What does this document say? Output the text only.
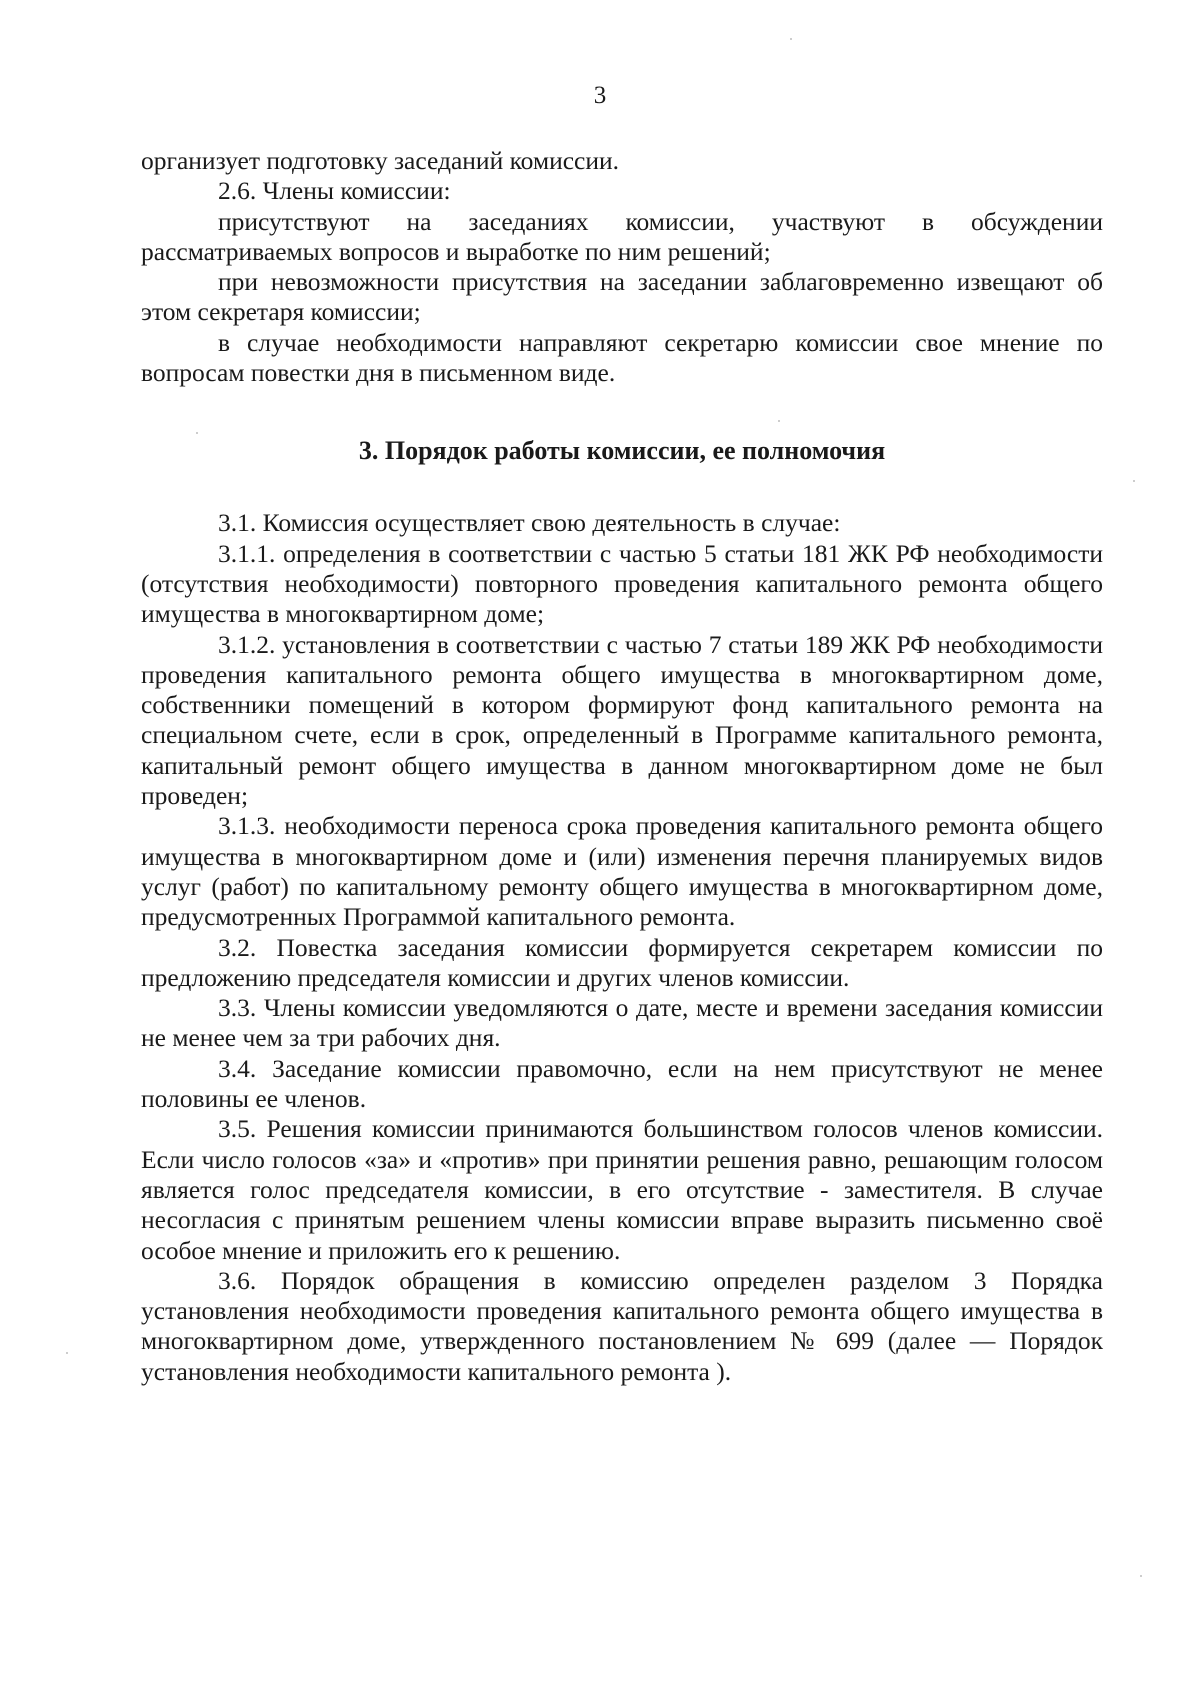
3

организует подготовку заседаний комиссии.

2.6. Члены комиссии:

присутствуют на заседаниях комиссии, участвуют в обсуждении рассматриваемых вопросов и выработке по ним решений;

при невозможности присутствия на заседании заблаговременно извещают об этом секретаря комиссии;

в случае необходимости направляют секретарю комиссии свое мнение по вопросам повестки дня в письменном виде.

3. Порядок работы комиссии, ее полномочия

3.1. Комиссия осуществляет свою деятельность в случае:

3.1.1. определения в соответствии с частью 5 статьи 181 ЖК РФ необходимости (отсутствия необходимости) повторного проведения капитального ремонта общего имущества в многоквартирном доме;

3.1.2. установления в соответствии с частью 7 статьи 189 ЖК РФ необходимости проведения капитального ремонта общего имущества в многоквартирном доме, собственники помещений в котором формируют фонд капитального ремонта на специальном счете, если в срок, определенный в Программе капитального ремонта, капитальный ремонт общего имущества в данном многоквартирном доме не был проведен;

3.1.3. необходимости переноса срока проведения капитального ремонта общего имущества в многоквартирном доме и (или) изменения перечня планируемых видов услуг (работ) по капитальному ремонту общего имущества в многоквартирном доме, предусмотренных Программой капитального ремонта.

3.2. Повестка заседания комиссии формируется секретарем комиссии по предложению председателя комиссии и других членов комиссии.

3.3. Члены комиссии уведомляются о дате, месте и времени заседания комиссии не менее чем за три рабочих дня.

3.4. Заседание комиссии правомочно, если на нем присутствуют не менее половины ее членов.

3.5. Решения комиссии принимаются большинством голосов членов комиссии. Если число голосов «за» и «против» при принятии решения равно, решающим голосом является голос председателя комиссии, в его отсутствие - заместителя. В случае несогласия с принятым решением члены комиссии вправе выразить письменно своё особое мнение и приложить его к решению.

3.6. Порядок обращения в комиссию определен разделом 3 Порядка установления необходимости проведения капитального ремонта общего имущества в многоквартирном доме, утвержденного постановлением № 699 (далее — Порядок установления необходимости капитального ремонта ).
